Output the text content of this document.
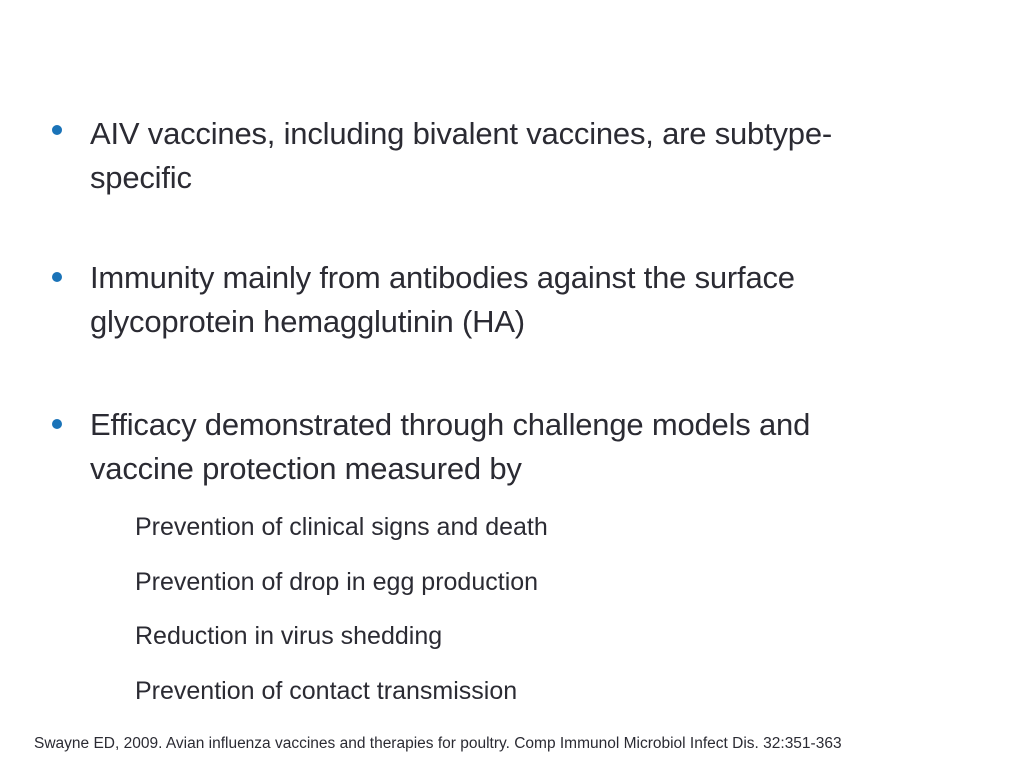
AIV vaccines, including bivalent vaccines, are subtype-specific
Immunity mainly from antibodies against the surface glycoprotein hemagglutinin (HA)
Efficacy demonstrated through challenge models and vaccine protection measured by
Prevention of clinical signs and death
Prevention of drop in egg production
Reduction in virus shedding
Prevention of contact transmission
Swayne ED, 2009. Avian influenza vaccines and therapies for poultry. Comp Immunol Microbiol Infect Dis. 32:351-363
